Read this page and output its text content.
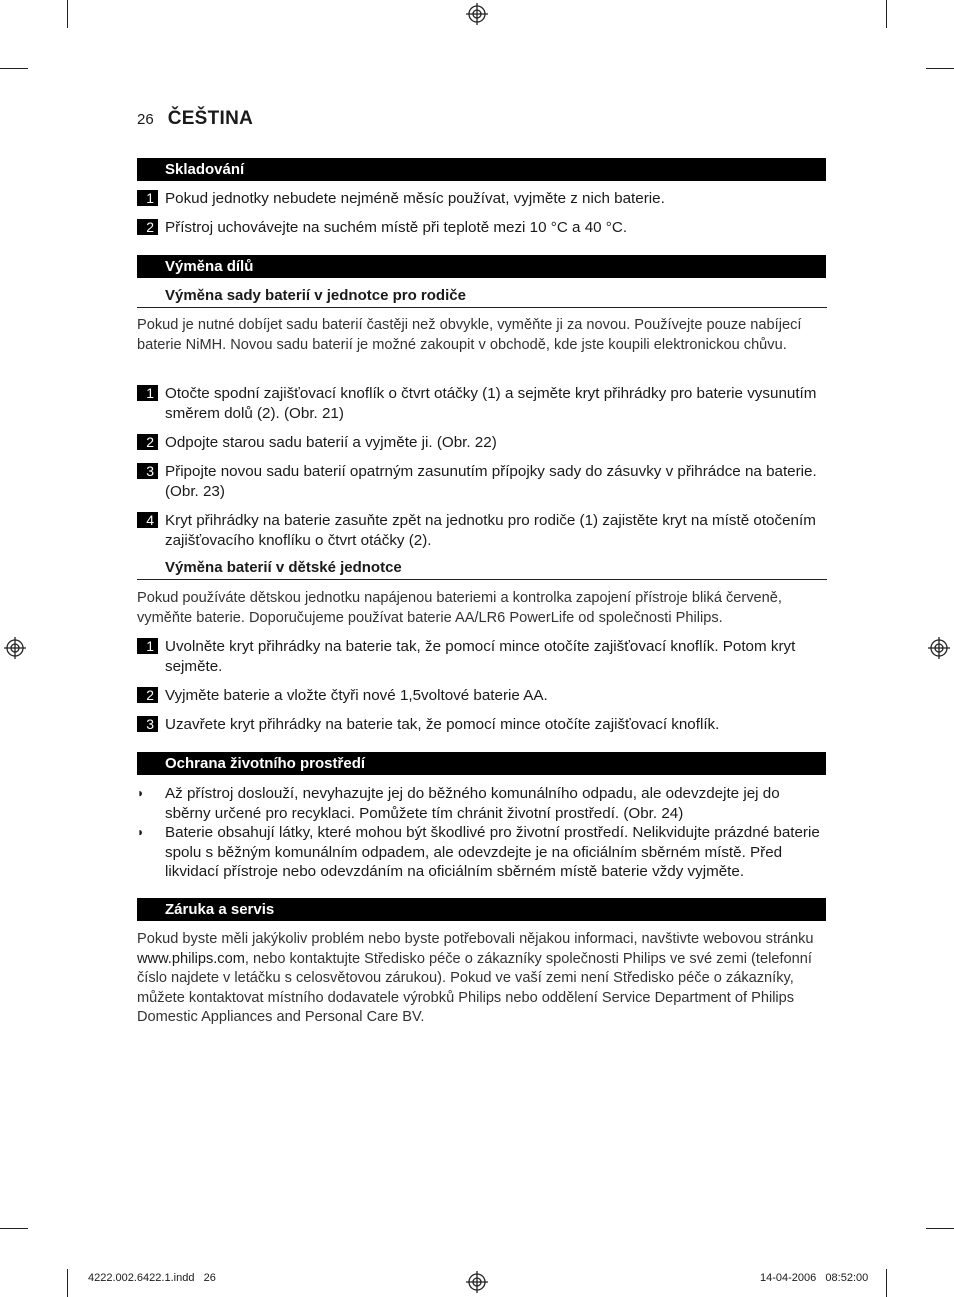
26 ČEŠTINA
Skladování
1 Pokud jednotky nebudete nejméně měsíc používat, vyjměte z nich baterie.
2 Přístroj uchovávejte na suchém místě při teplotě mezi 10 °C a 40 °C.
Výměna dílů
Výměna sady baterií v jednotce pro rodiče
Pokud je nutné dobíjet sadu baterií častěji než obvykle, vyměňte ji za novou. Používejte pouze nabíjecí baterie NiMH. Novou sadu baterií je možné zakoupit v obchodě, kde jste koupili elektronickou chůvu.
1 Otočte spodní zajišťovací knoflík o čtvrt otáčky (1) a sejměte kryt přihrádky pro baterie vysunutím směrem dolů (2). (Obr. 21)
2 Odpojte starou sadu baterií a vyjměte ji. (Obr. 22)
3 Připojte novou sadu baterií opatrným zasunutím přípojky sady do zásuvky v přihrádce na baterie. (Obr. 23)
4 Kryt přihrádky na baterie zasuňte zpět na jednotku pro rodiče (1) zajistěte kryt na místě otočením zajišťovacího knoflíku o čtvrt otáčky (2).
Výměna baterií v dětské jednotce
Pokud používáte dětskou jednotku napájenou bateriemi a kontrolka zapojení přístroje bliká červeně, vyměňte baterie. Doporučujeme používat baterie AA/LR6 PowerLife od společnosti Philips.
1 Uvolněte kryt přihrádky na baterie tak, že pomocí mince otočíte zajišťovací knoflík. Potom kryt sejměte.
2 Vyjměte baterie a vložte čtyři nové 1,5voltové baterie AA.
3 Uzavřete kryt přihrádky na baterie tak, že pomocí mince otočíte zajišťovací knoflík.
Ochrana životního prostředí
◗	Až přístroj doslouží, nevyhazujte jej do běžného komunálního odpadu, ale odevzdejte jej do sběrny určené pro recyklaci. Pomůžete tím chránit životní prostředí. (Obr. 24)
◗	Baterie obsahují látky, které mohou být škodlivé pro životní prostředí. Nelikvidujte prázdné baterie spolu s běžným komunálním odpadem, ale odevzdejte je na oficiálním sběrném místě. Před likvidací přístroje nebo odevzdáním na oficiálním sběrném místě baterie vždy vyjměte.
Záruka a servis
Pokud byste měli jakýkoliv problém nebo byste potřebovali nějakou informaci, navštivte webovou stránku www.philips.com, nebo kontaktujte Středisko péče o zákazníky společnosti Philips ve své zemi (telefonní číslo najdete v letáčku s celosvětovou zárukou). Pokud ve vaší zemi není Středisko péče o zákazníky, můžete kontaktovat místního dodavatele výrobků Philips nebo oddělení Service Department of Philips Domestic Appliances and Personal Care BV.
4222.002.6422.1.indd   26	14-04-2006   08:52:00
